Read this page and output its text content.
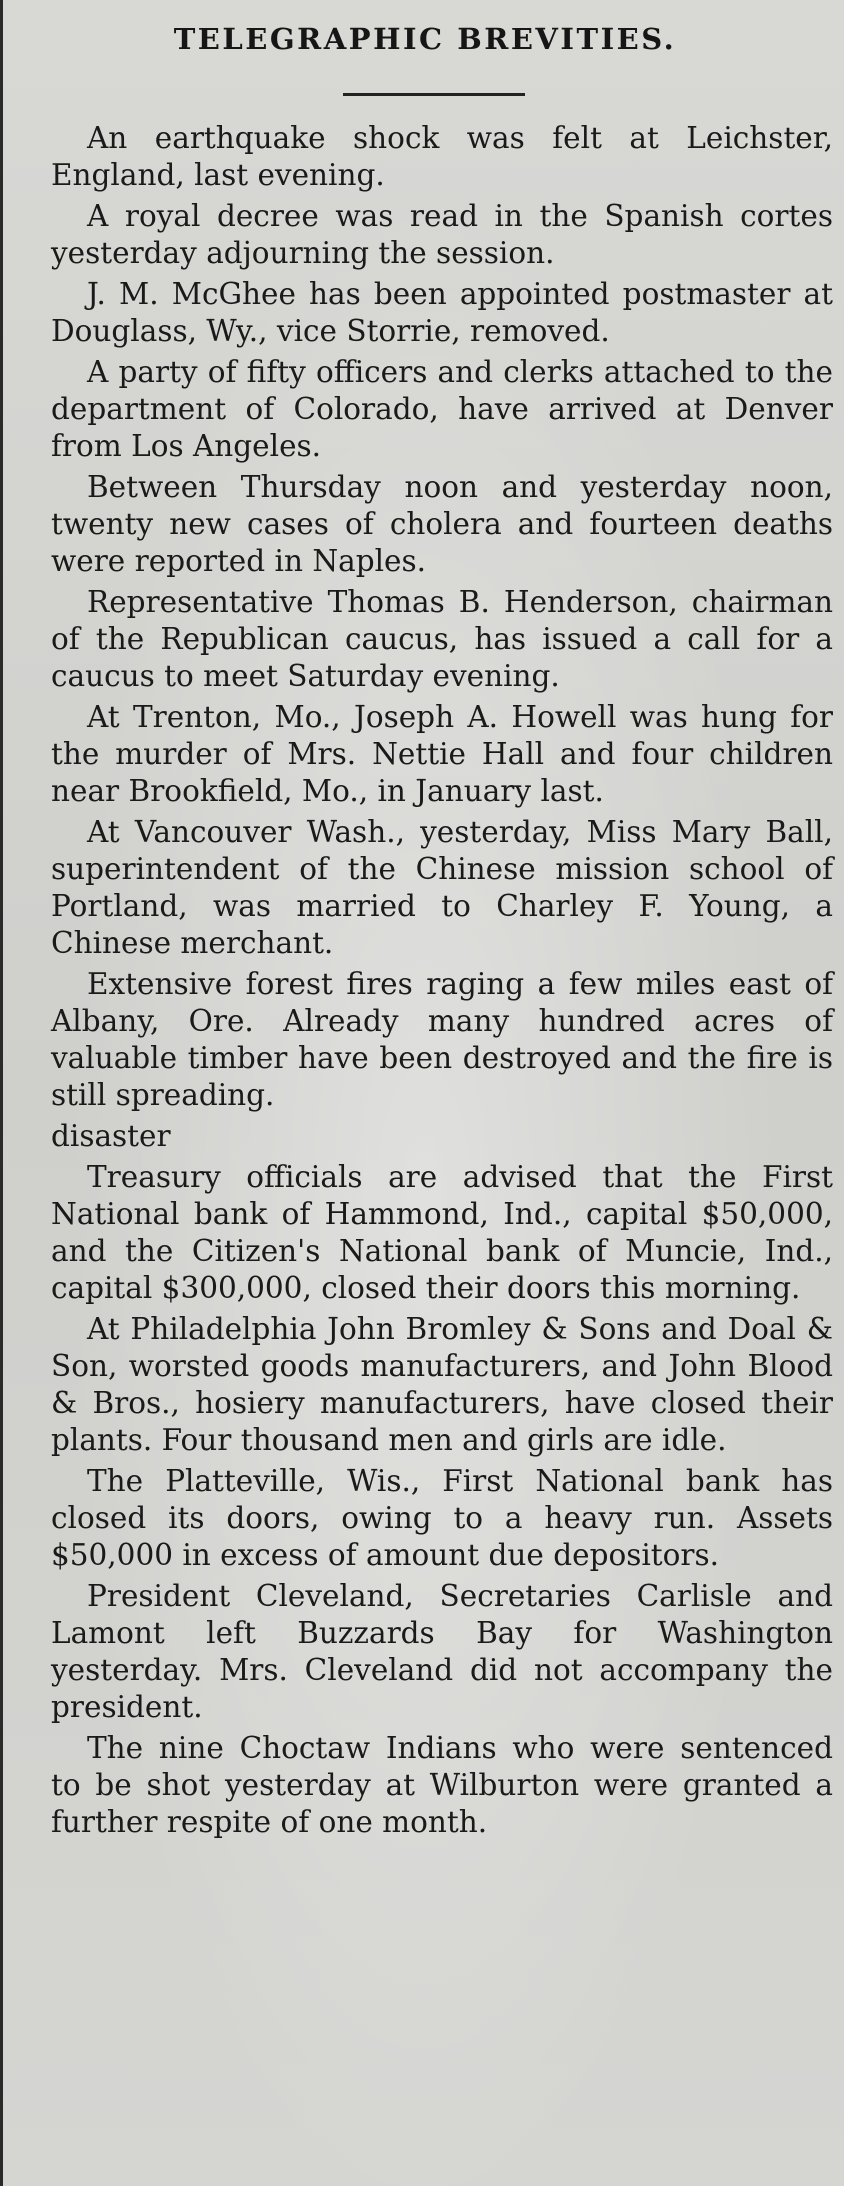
TELEGRAPHIC BREVITIES.

An earthquake shock was felt at Leichster, England, last evening.

A royal decree was read in the Spanish cortes yesterday adjourning the session.

J. M. McGhee has been appointed postmaster at Douglass, Wy., vice Storrie, removed.

A party of fifty officers and clerks attached to the department of Colorado, have arrived at Denver from Los Angeles.

Between Thursday noon and yesterday noon, twenty new cases of cholera and fourteen deaths were reported in Naples.

Representative Thomas B. Henderson, chairman of the Republican caucus, has issued a call for a caucus to meet Saturday evening.

At Trenton, Mo., Joseph A. Howell was hung for the murder of Mrs. Nettie Hall and four children near Brookfield, Mo., in January last.

At Vancouver Wash., yesterday, Miss Mary Ball, superintendent of the Chinese mission school of Portland, was married to Charley F. Young, a Chinese merchant.

Extensive forest fires raging a few miles east of Albany, Ore. Already many hundred acres of valuable timber have been destroyed and the fire is still spreading.

disaster

Treasury officials are advised that the First National bank of Hammond, Ind., capital $50,000, and the Citizen's National bank of Muncie, Ind., capital $300,000, closed their doors this morning.

At Philadelphia John Bromley & Sons and Doal & Son, worsted goods manufacturers, and John Blood & Bros., hosiery manufacturers, have closed their plants. Four thousand men and girls are idle.

The Platteville, Wis., First National bank has closed its doors, owing to a heavy run. Assets $50,000 in excess of amount due depositors.

President Cleveland, Secretaries Carlisle and Lamont left Buzzards Bay for Washington yesterday. Mrs. Cleveland did not accompany the president.

The nine Choctaw Indians who were sentenced to be shot yesterday at Wilburton were granted a further respite of one month.
